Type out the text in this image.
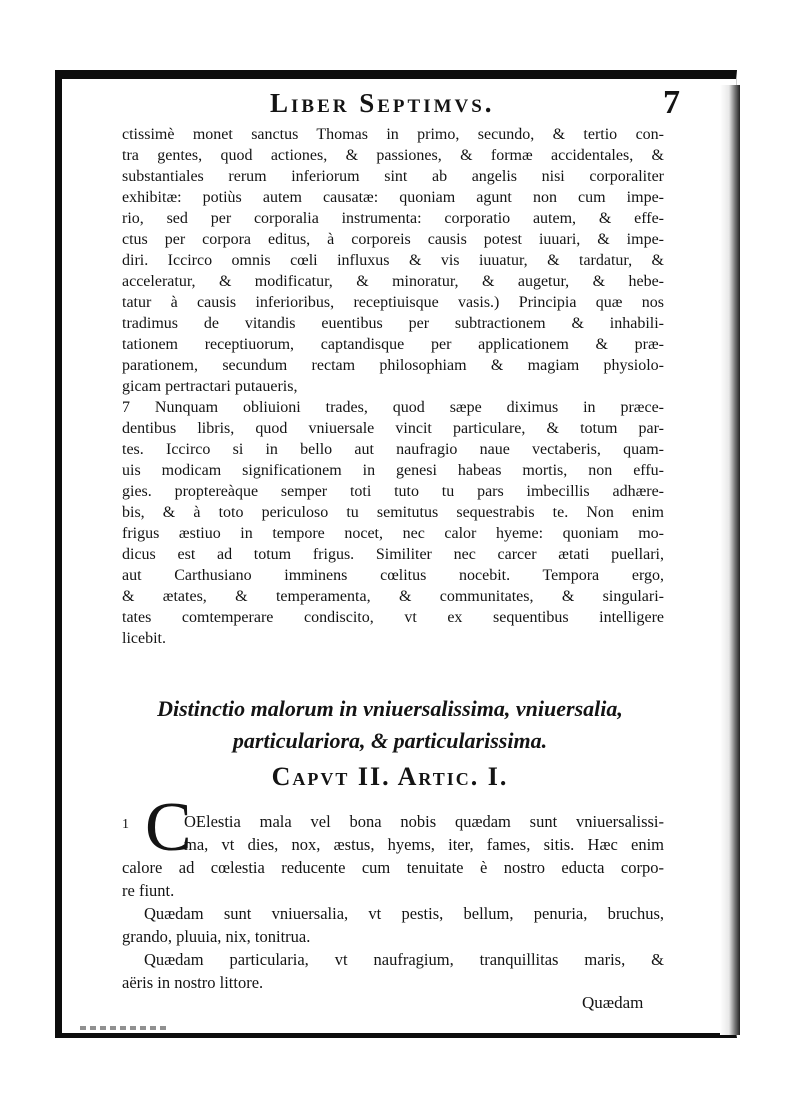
Liber Septimvs.	7
ctissimè monet sanctus Thomas in primo, secundo, & tertio con-
tra gentes, quod actiones, & passiones, & formæ accidentales, &
substantiales rerum inferiorum sint ab angelis nisi corporaliter
exhibitæ: potiùs autem causatæ: quoniam agunt non cum impe-
rio, sed per corporalia instrumenta: corporatio autem, & effe-
ctus per corpora editus, à corporeis causis potest iuuari, & impe-
diri. Iccirco omnis cœli influxus & vis iuuatur, & tardatur, &
acceleratur, & modificatur, & minoratur, & augetur, & hebe-
tatur à causis inferioribus, receptiuisque vasis.) Principia quæ nos
tradimus de vitandis euentibus per subtractionem & inhabili-
tationem receptiuorum, captandisque per applicationem & præ-
parationem, secundum rectam philosophiam & magiam physiolo-
gicam pertractari putaueris,
7 Nunquam obliuioni trades, quod sæpe diximus in præce-
dentibus libris, quod vniuersale vincit particulare, & totum par-
tes. Iccirco si in bello aut naufragio naue vectaberis, quam-
uis modicam significationem in genesi habeas mortis, non effu-
gies. proptereàque semper toti tuto tu pars imbecillis adhære-
bis, & à toto periculoso tu semitutus sequestrabis te. Non enim
frigus æstiuo in tempore nocet, nec calor hyeme: quoniam mo-
dicus est ad totum frigus. Similiter nec carcer ætati puellari,
aut Carthusiano imminens cœlitus nocebit. Tempora ergo,
& ætates, & temperamenta, & communitates, & singulari-
tates comtemperare condiscito, vt ex sequentibus intelligere
licebit.
Distinctio malorum in vniuersalissima, vniuersalia,
particulariora, & particularissima.
Capvt II. Artic. I.
1 C
OElestia mala vel bona nobis quædam sunt vniuersalissi-
ma, vt dies, nox, æstus, hyems, iter, fames, sitis. Hæc enim
calore ad cœlestia reducente cum tenuitate è nostro educta corpo-
re fiunt.
Quædam sunt vniuersalia, vt pestis, bellum, penuria, bruchus,
grando, pluuia, nix, tonitrua.
Quædam particularia, vt naufragium, tranquillitas maris, &
aëris in nostro littore.
Quædam
